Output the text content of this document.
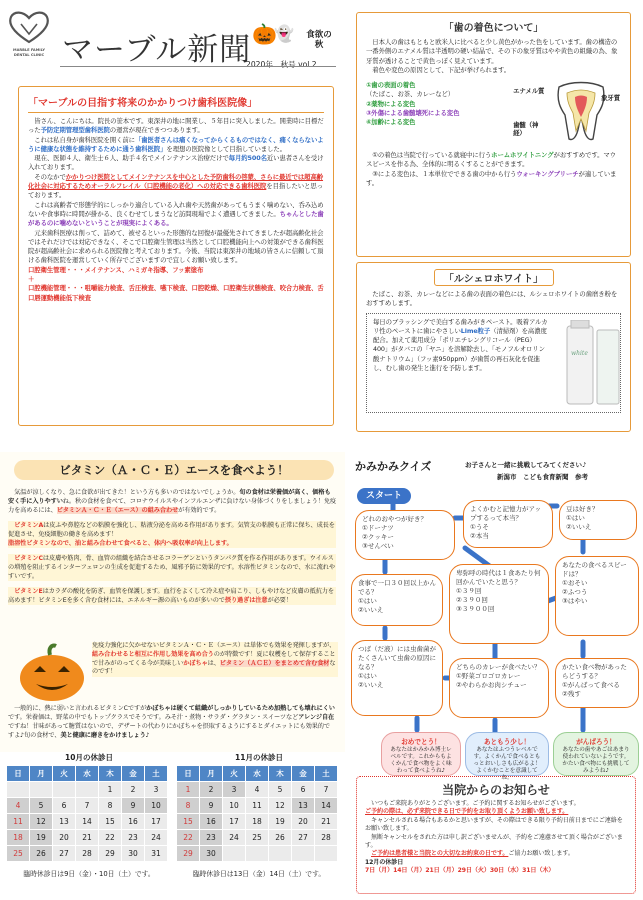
MARBLE FAMILY DENTAL CLINIC マーブル新聞 🎃
👻 食欲の秋
2020年　秋号 vol.2
「マーブルの目指す将来のかかりつけ歯科医院像」

　皆さん、こんにちは。院長の笹本です。東深井の地に開業し、５年目に突入しました。開業時に目標だった予防定期管理型歯科医院の運営が現在できつつあります。

　これは私自身が歯科医院を開く前に「歯医者さんは痛くなってからくるものではなく、痛くならないように健康な状態を維持するために通う歯科医院」を理想の医院像として目指していました。

　現在、医師４人、衛生士６人、助手４名でメインテナンス治療だけで毎月約500名近い患者さんを受け入れております。

　そのなかでかかりつけ医院としてメインテナンスを中心とした予防歯科の啓蒙、さらに最近では超高齢化社会に対応するためオーラルフレイル（口腔機能の老化）への対応できる歯科医院を目指したいと思っております。

　これは高齢者で形態学的にしっかり適合している入れ歯や天然歯があってもうまく噛めない、呑み込めないや食事時に時間が掛かる、良くむせてしまうなど訪問現場でよく遭遇してきました。ちゃんとした歯があるのに噛めないということが現実によくある。

　元来歯科医療は削って、詰めて、被せるといった形態的な回復が最優先されてきましたが超高齢化社会ではそれだけでは対応できなく、そこで口腔衛生管理は当然として口腔機能向上への対策ができる歯科医院が超高齢社会に求められる医院像と考えております。今後、当院は東深井の地域の皆さんに信頼して頂ける歯科医院を運営していく所存でございますので宜しくお願い致します。

口腔衛生管理・・・メイテナンス、ハミガキ指導、フッ素塗布

＋

口腔機能管理・・・咀嚼能力検査、舌圧検査、嚥下検査、口腔乾燥、口腔衛生状態検査、咬合力検査、舌口唇運動機能低下検査

「歯の着色について」

　日本人の歯はもともと欧米人に比べると少し黄色がかった色をしています。歯の構造の一番外側のエナメル質は半透明の硬い結晶で、その下の象牙質はやや黄色の組織の為、象牙質が透けることで黄色っぽく見えています。

　着色や変色の原因として、下記が挙げられます。

①歯の表面の着色

（たばこ、お茶、カレーなど）

②薬物による変色

③外傷による歯髄壊死による変色

④加齢による変色

エナメル質
象牙質
歯髄（神経）

　①の着色は当院で行っている就寝中に行うホームホワイトニングがおすすめです。マウスピースを作る為、全体的に明るくすることができます。

　③による変色は、１本単位でできる歯の中から行うウォーキングブリーチが適しています。

「ルシェロホワイト」
　たばこ、お茶、カレーなどによる歯の表面の着色には、ルシェロホワイトの歯磨き粉をおすすめします。
毎日のブラッシングで美白する歯みがきペースト。吸着アルカリ性のペーストに歯にやさしいLime粒子（清掃剤）を高濃度配合。加えて薬用成分「ポリエチレングリコール（PEG）400」がタバコの「ヤニ」を溶解除去し、「モノフルオロリン酸ナトリウム」（フッ素950ppm）が歯質の再石灰化を促進し、むし歯の発生と進行を予防します。
white
ビタミン（Ａ・Ｃ・Ｅ）エースを食べよう！

　気温が涼しくなり、急に食欲が出てきた！という方も多いのではないでしょうか。旬の食材は栄養価が高く、価格も安く手に入りやすいね。秋の食材を食べて、コロナウイルスやインフルエンザに負けない身体づくりをしましょう！免疫力を高めるには、ビタミンＡ・Ｃ・Ｅ（エース）の組み合わせが有効的です。

　ビタミンAは皮ふや鼻腔などの粘膜を強化し、粘液分泌を高める作用があります。気管支の粘膜も正常に保ち、成長を促進させ、免疫細胞の働きを高めます！
脂溶性ビタミンなので、油と組み合わせて食べると、体内へ吸収率が向上します。

　ビタミンCは皮膚や筋肉、骨、血管の組織を結合させるコラーゲンというタンパク質を作る作用があります。ウイルスの増殖を阻止するインターフェロンの生成を促進するため、風邪予防に効果的です。水溶性ビタミンなので、水に流れやすいです。

　ビタミンEはカラダの酸化を防ぎ、血管を保護します。血行をよくして冷え症や肩こり、しもやけなど皮膚の抵抗力を高めます！ビタミンEを多く含む食材には、エネルギー源の高いものが多いので摂り過ぎは注意が必要！

免疫力強化に欠かせないビタミンＡ・Ｃ・Ｅ（エース）は単体でも効果を発揮しますが、組み合わせると相互に作用し効果を高め合うのが特徴です！夏に収穫をして保存することで甘みがのってくる今が美味しいかぼちゃは、ビタミン（ＡＣＥ）をまとめて含む食材なのです！
　一般的に、熱に弱いと言われるビタミンCですがかぼちゃは硬くて組織がしっかりしているため加熱しても壊れにくいです。栄養価は、野菜の中でもトップクラスでそうです。みそ汁・煮物・サラダ・グラタン・スイーツなどアレンジ自在ですね！甘味があって糖質はないので、デザートの代わりにかぼちゃを摂取するようにするとダイエットにも効果的ですよ♪旬の食材で、美と健康に磨きをかけましょう♪
10月の休診日
日	月	火	水	木	金	土
				1	2	3
4	5	6	7	8	9	10
11	12	13	14	15	16	17
18	19	20	21	22	23	24
25	26	27	28	29	30	31
臨時休診日は9日（金）・10日（土）です。
11月の休診日
日	月	火	水	木	金	土
1	2	3	4	5	6	7
8	9	10	11	12	13	14
15	16	17	18	19	20	21
22	23	24	25	26	27	28
29	30					
臨時休診日は13日（金）14日（土）です。
かみかみクイズ	お子さんと一緒に挑戦してみてください♪
新潟市　こども食育新聞　参考
スタート
どれのおやつが好き？
①ドーナツ
②クッキー
③せんべい
よくかむと記憶力がアップするって本当？
①うそ
②本当
豆は好き？
①はい
②いいえ
食事で一口３０回以上かんでる？
①はい
②いいえ
卑弥呼の時代は１食あたり何回かんでいたと思う？
①３９回
②３９０回
③３９００回
あなたの食べるスピードは？
①おそい
②ふつう
③はやい
つば（だ液）には虫歯菌がたくさんいて虫歯の原因になる？
①はい
②いいえ
どちらのカレーが食べたい？
①野菜ゴロゴロカレー
②やわらかお肉シチュー
かたい食べ物があったらどうする？
①がんばって食べる
②残す
おめでとう！
あなたはかみかみ博士レベルです。これからもよくかんで食べ物をよく味わって食べようね♪
あともう少し！
あなたはふつうレベルです。よくかんで食べるともっとおいしさも広がるよ！よくかむことを意識してね。
がんばろう！
あなたの歯やあごはあまり使われていないようです。かたい食べ物にも挑戦してみようね♪
当院からのお知らせ

　いつもご来院ありがとうございます。ご予約に関するお知らせがございます。

ご予約の際は、必ず来院できる日で予約をお取り頂くようお願い致します。

　キャンセルされる場合もあるかと思いますが、その際はできる限り予約日前日までにご連絡をお願い致します。

　無断キャンセルをされた方は申し訳ございませんが、予約をご遠慮させて頂く場合がございます。

　ご予約は患者様と当院との大切なお約束の日です。ご協力お願い致します。

12月の休診日

7日（月）14日（月）21日（月）29日（火）30日（水）31日（木）
